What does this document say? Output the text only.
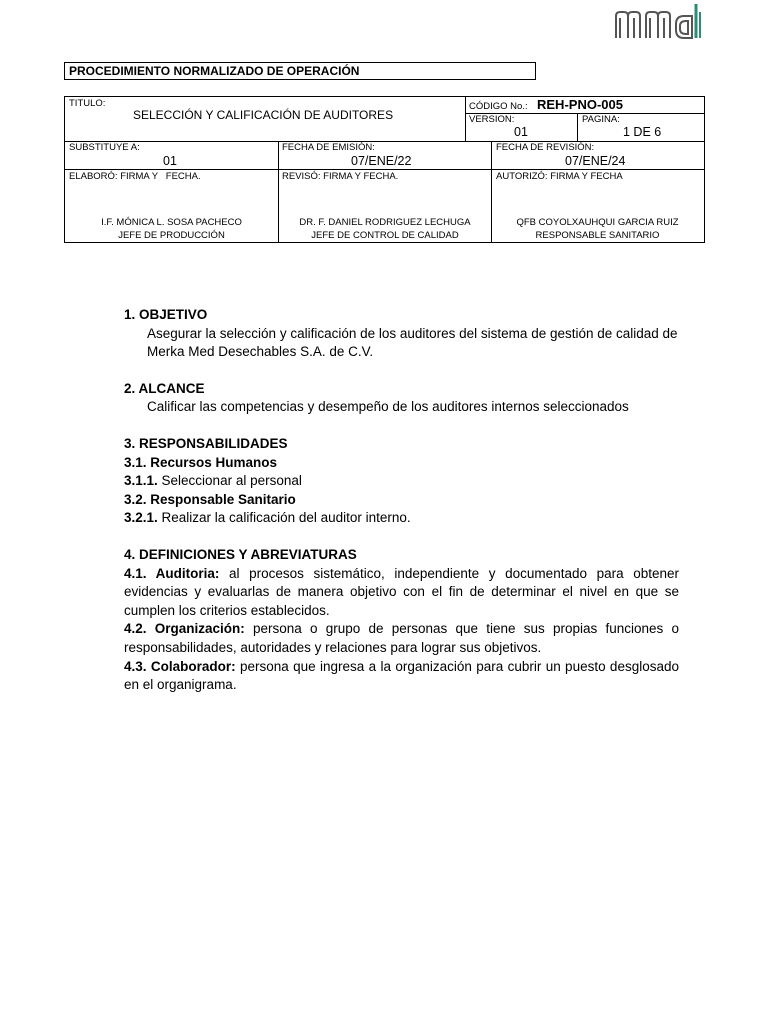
PROCEDIMIENTO NORMALIZADO DE OPERACIÓN
TITULO:
SELECCIÓN Y CALIFICACIÓN DE AUDITORES
CÓDIGO No.: REH-PNO-005
VERSION:
01
PAGINA:
1 DE 6
SUBSTITUYE A:
01
FECHA DE EMISIÓN:
07/ENE/22
FECHA DE REVISIÓN:
07/ENE/24
ELABORÓ: FIRMA Y   FECHA.
I.F. MÓNICA L. SOSA PACHECO
JEFE DE PRODUCCIÓN
REVISÓ: FIRMA Y FECHA.
DR. F. DANIEL RODRIGUEZ LECHUGA
JEFE DE CONTROL DE CALIDAD
AUTORIZÓ: FIRMA Y FECHA
QFB COYOLXAUHQUI GARCIA RUIZ
RESPONSABLE SANITARIO

1. OBJETIVO

Asegurar la selección y calificación de los auditores del sistema de gestión de calidad de Merka Med Desechables S.A. de C.V.

2. ALCANCE

Calificar las competencias y desempeño de los auditores internos seleccionados

3. RESPONSABILIDADES

3.1. Recursos Humanos

3.1.1. Seleccionar al personal

3.2. Responsable Sanitario

3.2.1. Realizar la calificación del auditor interno.

4. DEFINICIONES Y ABREVIATURAS

4.1. Auditoria: al procesos sistemático, independiente y documentado para obtener evidencias y evaluarlas de manera objetivo con el fin de determinar el nivel en que se cumplen los criterios establecidos.

4.2. Organización: persona o grupo de personas que tiene sus propias funciones o responsabilidades, autoridades y relaciones para lograr sus objetivos.

4.3. Colaborador: persona que ingresa a la organización para cubrir un puesto desglosado en el organigrama.
